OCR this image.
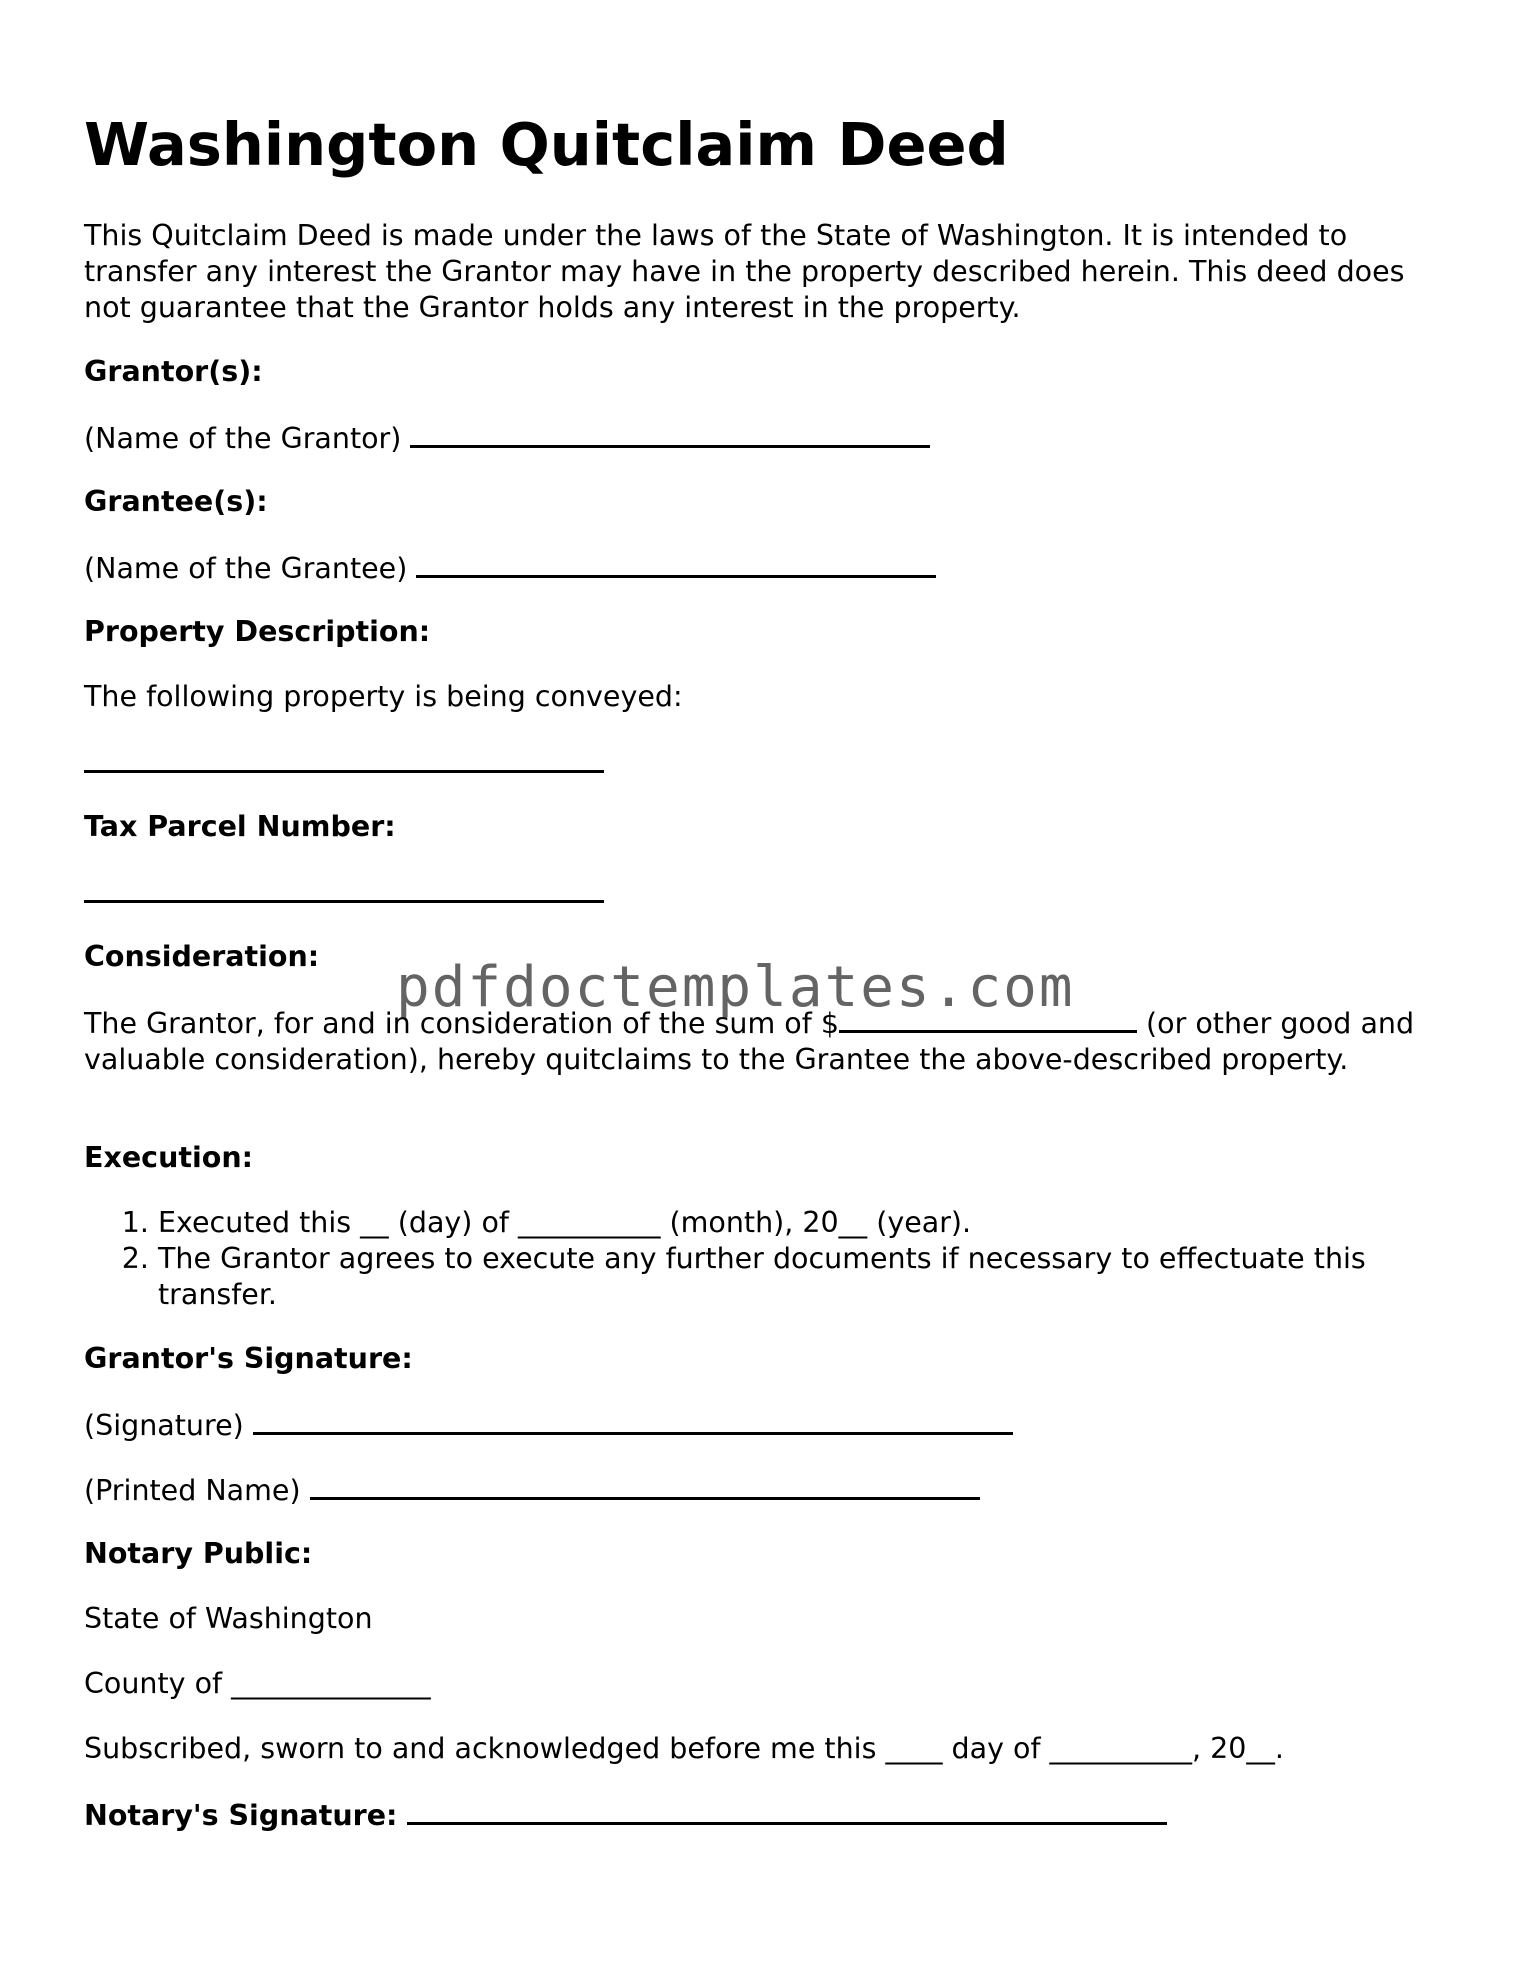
Washington Quitclaim Deed

This Quitclaim Deed is made under the laws of the State of Washington. It is intended to transfer any interest the Grantor may have in the property described herein. This deed does not guarantee that the Grantor holds any interest in the property.

Grantor(s):

(Name of the Grantor)

Grantee(s):

(Name of the Grantee)

Property Description:

The following property is being conveyed:

Tax Parcel Number:

Consideration:

The Grantor, for and in consideration of the sum of $	(or other good and valuable consideration), hereby quitclaims to the Grantee the above-described property.

Execution:

1. Executed this __ (day) of __________ (month), 20__ (year).
2. The Grantor agrees to execute any further documents if necessary to effectuate this transfer.

Grantor's Signature:

(Signature)

(Printed Name)

Notary Public:

State of Washington

County of ______________

Subscribed, sworn to and acknowledged before me this ____ day of __________, 20__.

Notary's Signature:

pdfdoctemplates.com
